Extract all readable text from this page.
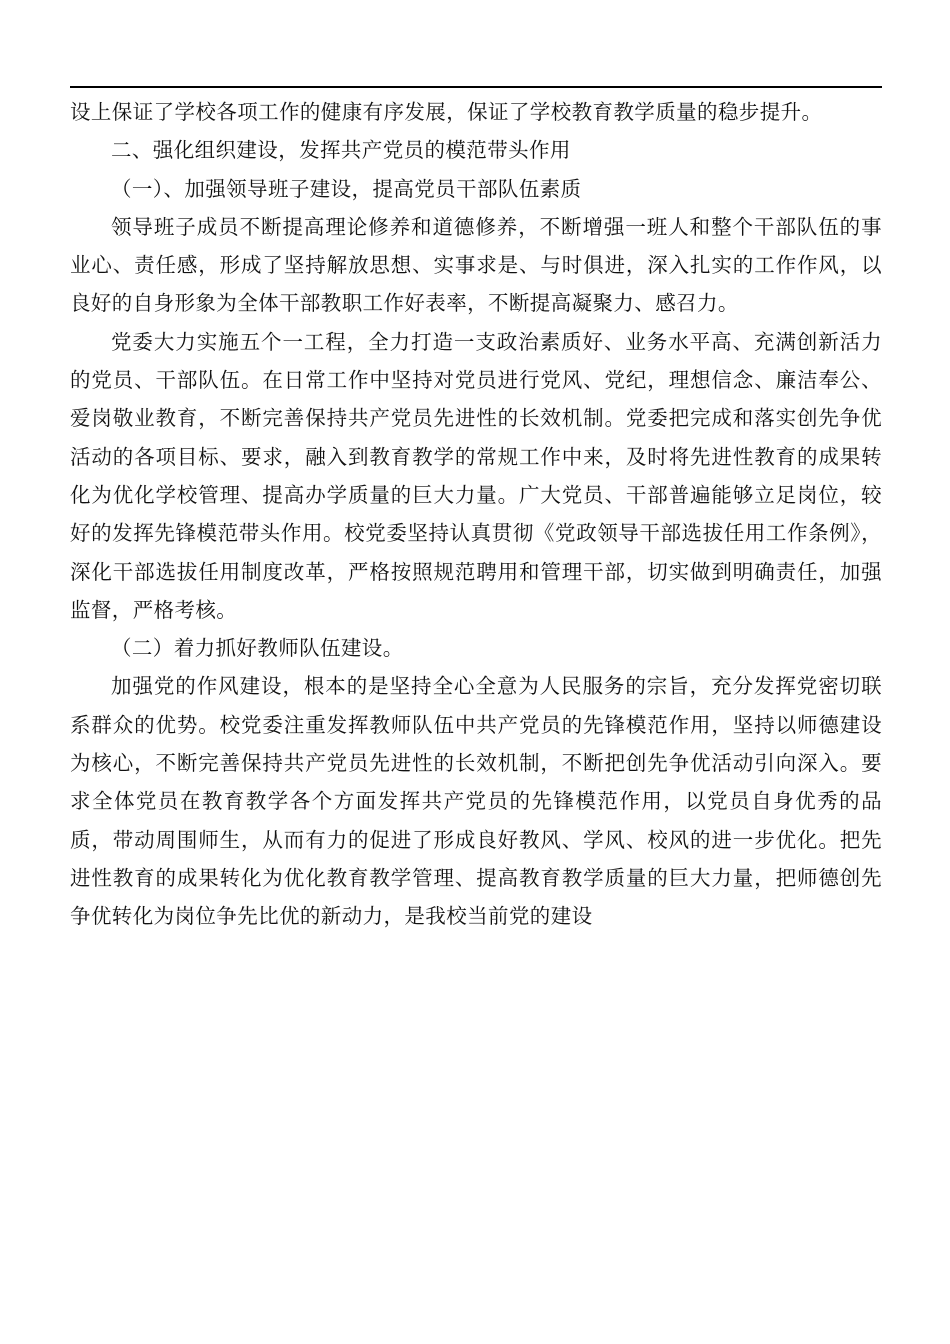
设上保证了学校各项工作的健康有序发展，保证了学校教育教学质量的稳步提升。

二、强化组织建设，发挥共产党员的模范带头作用

（一）、加强领导班子建设，提高党员干部队伍素质

领导班子成员不断提高理论修养和道德修养，不断增强一班人和整个干部队伍的事业心、责任感，形成了坚持解放思想、实事求是、与时俱进，深入扎实的工作作风，以良好的自身形象为全体干部教职工作好表率，不断提高凝聚力、感召力。

党委大力实施五个一工程，全力打造一支政治素质好、业务水平高、充满创新活力的党员、干部队伍。在日常工作中坚持对党员进行党风、党纪，理想信念、廉洁奉公、爱岗敬业教育，不断完善保持共产党员先进性的长效机制。党委把完成和落实创先争优活动的各项目标、要求，融入到教育教学的常规工作中来，及时将先进性教育的成果转化为优化学校管理、提高办学质量的巨大力量。广大党员、干部普遍能够立足岗位，较好的发挥先锋模范带头作用。校党委坚持认真贯彻《党政领导干部选拔任用工作条例》，深化干部选拔任用制度改革，严格按照规范聘用和管理干部，切实做到明确责任，加强监督，严格考核。

（二）着力抓好教师队伍建设。

加强党的作风建设，根本的是坚持全心全意为人民服务的宗旨，充分发挥党密切联系群众的优势。校党委注重发挥教师队伍中共产党员的先锋模范作用，坚持以师德建设为核心，不断完善保持共产党员先进性的长效机制，不断把创先争优活动引向深入。要求全体党员在教育教学各个方面发挥共产党员的先锋模范作用，以党员自身优秀的品质，带动周围师生，从而有力的促进了形成良好教风、学风、校风的进一步优化。把先进性教育的成果转化为优化教育教学管理、提高教育教学质量的巨大力量，把师德创先争优转化为岗位争先比优的新动力，是我校当前党的建设
